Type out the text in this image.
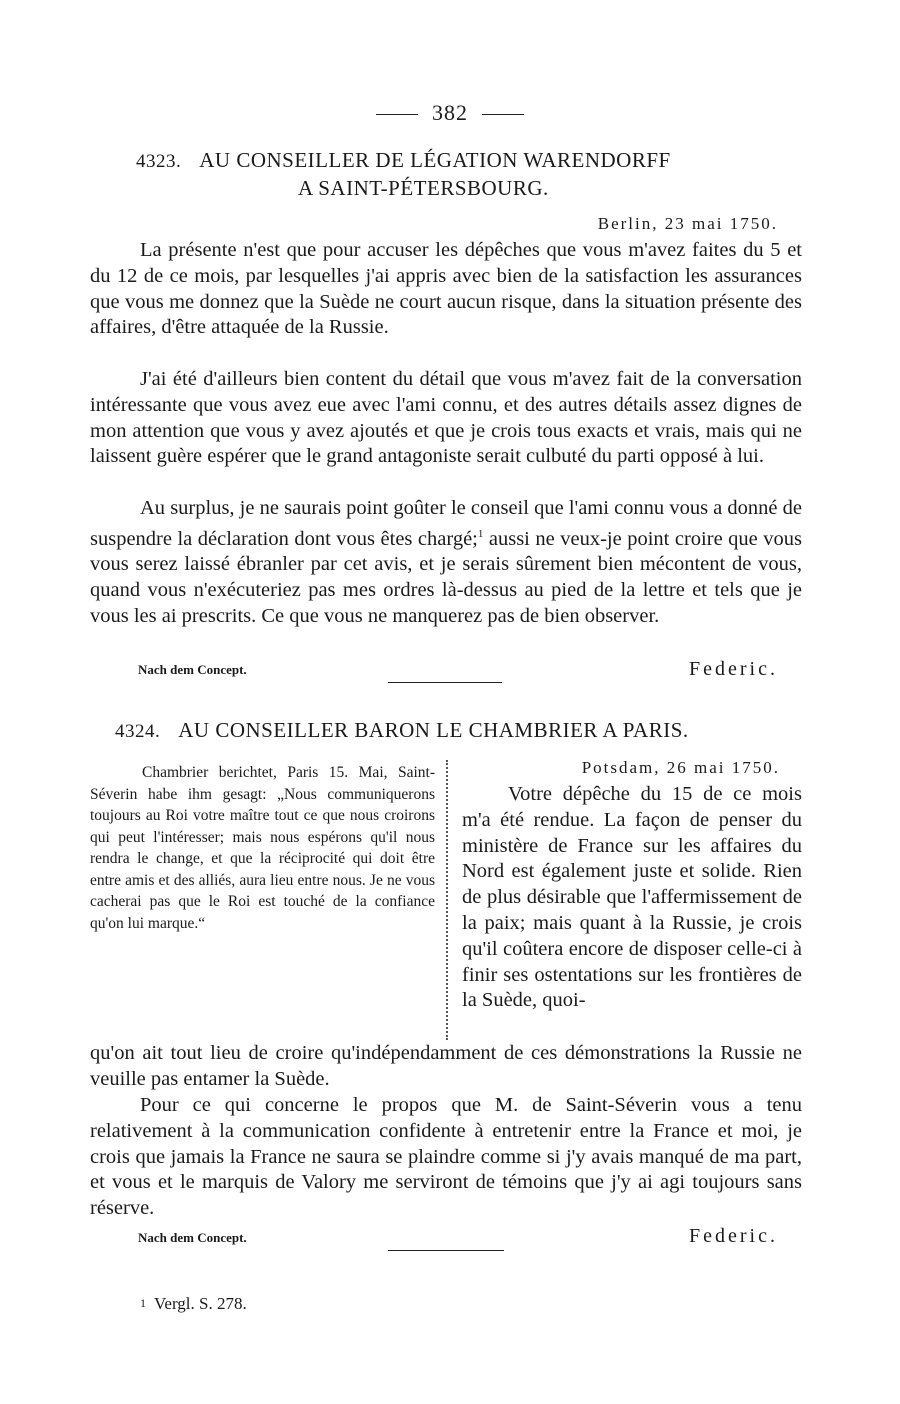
382
4323. AU CONSEILLER DE LÉGATION WARENDORFF
A SAINT-PÉTERSBOURG.
Berlin, 23 mai 1750.
La présente n'est que pour accuser les dépêches que vous m'avez faites du 5 et du 12 de ce mois, par lesquelles j'ai appris avec bien de la satisfaction les assurances que vous me donnez que la Suède ne court aucun risque, dans la situation présente des affaires, d'être attaquée de la Russie.
J'ai été d'ailleurs bien content du détail que vous m'avez fait de la conversation intéressante que vous avez eue avec l'ami connu, et des autres détails assez dignes de mon attention que vous y avez ajoutés et que je crois tous exacts et vrais, mais qui ne laissent guère espérer que le grand antagoniste serait culbuté du parti opposé à lui.
Au surplus, je ne saurais point goûter le conseil que l'ami connu vous a donné de suspendre la déclaration dont vous êtes chargé;$^1$ aussi ne veux-je point croire que vous vous serez laissé ébranler par cet avis, et je serais sûrement bien mécontent de vous, quand vous n'exécuteriez pas mes ordres là-dessus au pied de la lettre et tels que je vous les ai prescrits. Ce que vous ne manquerez pas de bien observer.
Nach dem Concept.	Federic.
4324. AU CONSEILLER BARON LE CHAMBRIER A PARIS.
Chambrier berichtet, Paris 15. Mai, Saint-Séverin habe ihm gesagt: „Nous communiquerons toujours au Roi votre maître tout ce que nous croirons qui peut l'intéresser; mais nous espérons qu'il nous rendra le change, et que la réciprocité qui doit être entre amis et des alliés, aura lieu entre nous. Je ne vous cacherai pas que le Roi est touché de la confiance qu'on lui marque.“
Potsdam, 26 mai 1750.
Votre dépêche du 15 de ce mois m'a été rendue. La façon de penser du ministère de France sur les affaires du Nord est également juste et solide. Rien de plus désirable que l'affermissement de la paix; mais quant à la Russie, je crois qu'il coûtera encore de disposer celle-ci à finir ses ostentations sur les frontières de la Suède, quoi-
qu'on ait tout lieu de croire qu'indépendamment de ces démonstrations la Russie ne veuille pas entamer la Suède.
Pour ce qui concerne le propos que M. de Saint-Séverin vous a tenu relativement à la communication confidente à entretenir entre la France et moi, je crois que jamais la France ne saura se plaindre comme si j'y avais manqué de ma part, et vous et le marquis de Valory me serviront de témoins que j'y ai agi toujours sans réserve.
Nach dem Concept.	Federic.
1 Vergl. S. 278.
